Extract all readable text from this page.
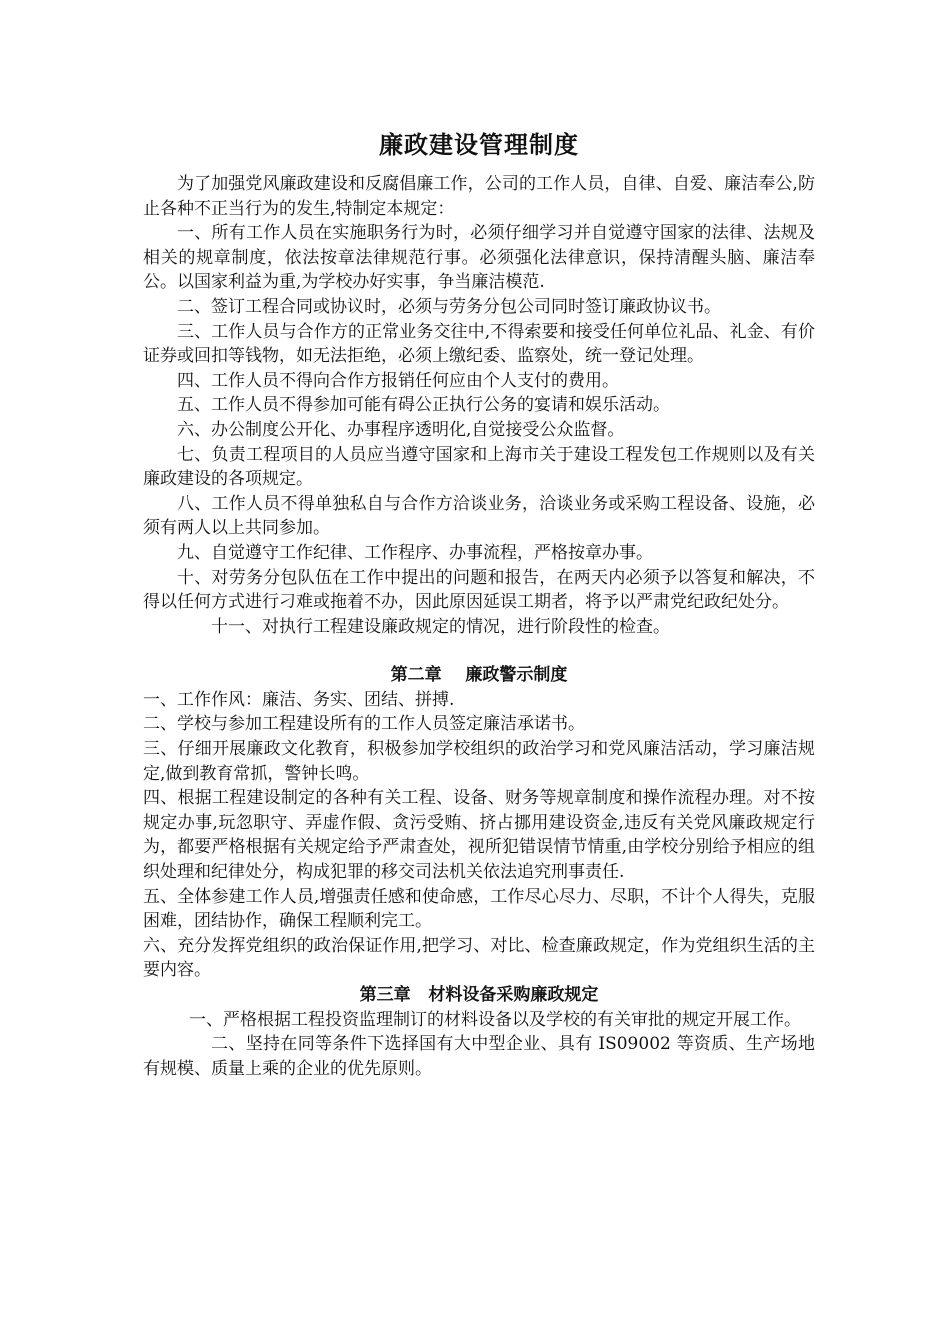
廉政建设管理制度

为了加强党风廉政建设和反腐倡廉工作，公司的工作人员，自律、自爱、廉洁奉公,防止各种不正当行为的发生,特制定本规定：

一、所有工作人员在实施职务行为时，必须仔细学习并自觉遵守国家的法律、法规及相关的规章制度，依法按章法律规范行事。必须强化法律意识，保持清醒头脑、廉洁奉公。以国家利益为重,为学校办好实事，争当廉洁模范.

二、签订工程合同或协议时，必须与劳务分包公司同时签订廉政协议书。

三、工作人员与合作方的正常业务交往中,不得索要和接受任何单位礼品、礼金、有价证券或回扣等钱物，如无法拒绝，必须上缴纪委、监察处，统一登记处理。

四、工作人员不得向合作方报销任何应由个人支付的费用。

五、工作人员不得参加可能有碍公正执行公务的宴请和娱乐活动。

六、办公制度公开化、办事程序透明化,自觉接受公众监督。

七、负责工程项目的人员应当遵守国家和上海市关于建设工程发包工作规则以及有关廉政建设的各项规定。

八、工作人员不得单独私自与合作方洽谈业务，洽谈业务或采购工程设备、设施，必须有两人以上共同参加。

九、自觉遵守工作纪律、工作程序、办事流程，严格按章办事。

十、对劳务分包队伍在工作中提出的问题和报告，在两天内必须予以答复和解决，不得以任何方式进行刁难或拖着不办，因此原因延误工期者，将予以严肃党纪政纪处分。

十一、对执行工程建设廉政规定的情况，进行阶段性的检查。

第二章    廉政警示制度

一、工作作风：廉洁、务实、团结、拼搏.

二、学校与参加工程建设所有的工作人员签定廉洁承诺书。

三、仔细开展廉政文化教育，积极参加学校组织的政治学习和党风廉洁活动，学习廉洁规定,做到教育常抓，警钟长鸣。

四、根据工程建设制定的各种有关工程、设备、财务等规章制度和操作流程办理。对不按规定办事,玩忽职守、弄虚作假、贪污受贿、挤占挪用建设资金,违反有关党风廉政规定行为，都要严格根据有关规定给予严肃查处，视所犯错误情节情重,由学校分别给予相应的组织处理和纪律处分，构成犯罪的移交司法机关依法追究刑事责任.

五、全体参建工作人员,增强责任感和使命感，工作尽心尽力、尽职，不计个人得失，克服困难，团结协作，确保工程顺利完工。

六、充分发挥党组织的政治保证作用,把学习、对比、检查廉政规定，作为党组织生活的主要内容。

第三章   材料设备采购廉政规定

一、严格根据工程投资监理制订的材料设备以及学校的有关审批的规定开展工作。

二、坚持在同等条件下选择国有大中型企业、具有 IS09002 等资质、生产场地有规模、质量上乘的企业的优先原则。
